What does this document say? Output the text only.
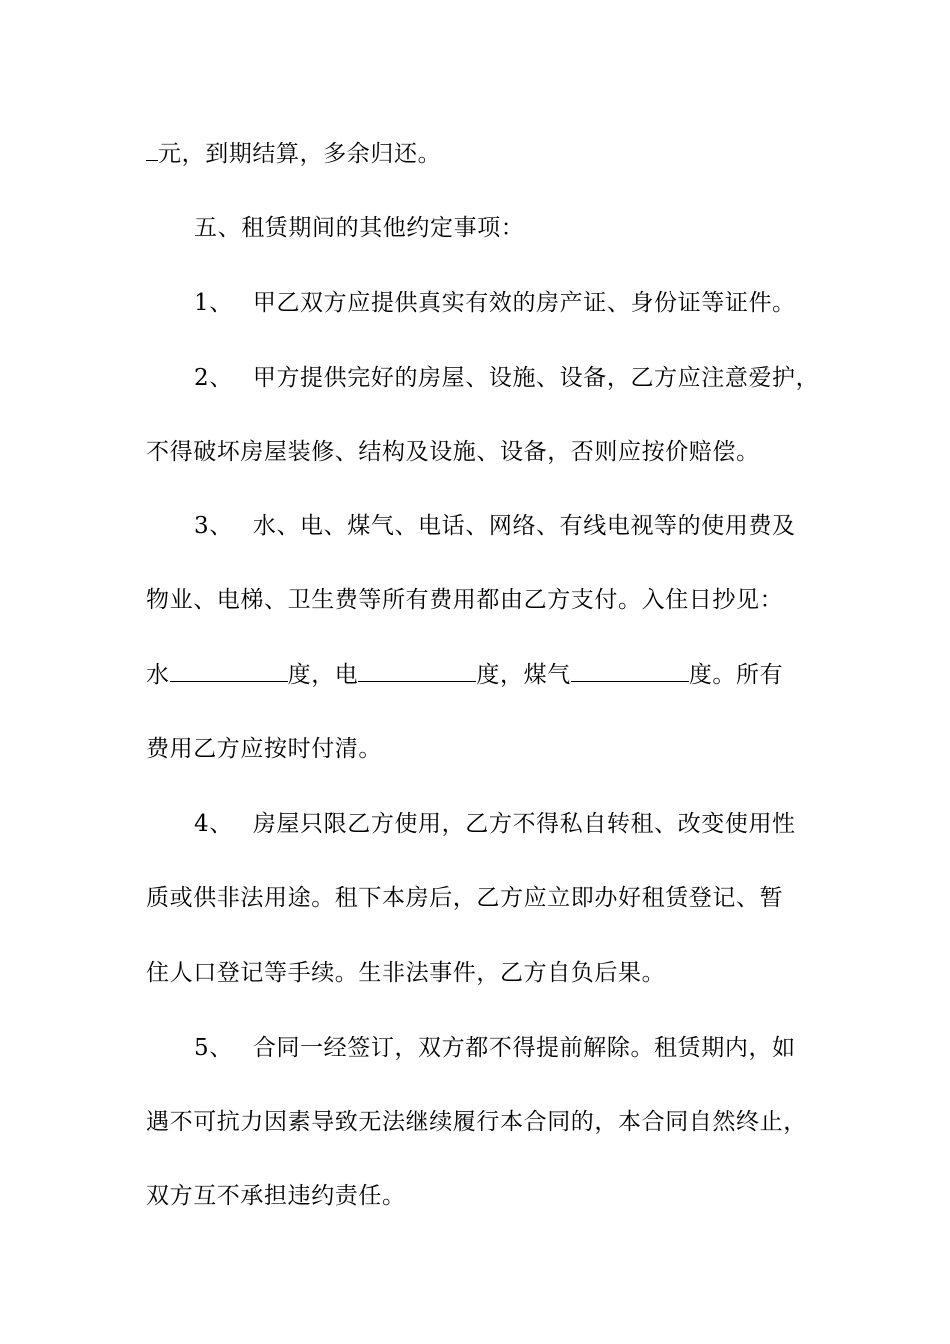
元，到期结算，多余归还。
五、租赁期间的其他约定事项：
1、 甲乙双方应提供真实有效的房产证、身份证等证件。
2、 甲方提供完好的房屋、设施、设备，乙方应注意爱护，
不得破坏房屋装修、结构及设施、设备，否则应按价赔偿。
3、 水、电、煤气、电话、网络、有线电视等的使用费及
物业、电梯、卫生费等所有费用都由乙方支付。入住日抄见：
水	度，电	度，煤气	度。所有
费用乙方应按时付清。
4、 房屋只限乙方使用，乙方不得私自转租、改变使用性
质或供非法用途。租下本房后，乙方应立即办好租赁登记、暂
住人口登记等手续。生非法事件，乙方自负后果。
5、 合同一经签订，双方都不得提前解除。租赁期内，如
遇不可抗力因素导致无法继续履行本合同的，本合同自然终止，
双方互不承担违约责任。
